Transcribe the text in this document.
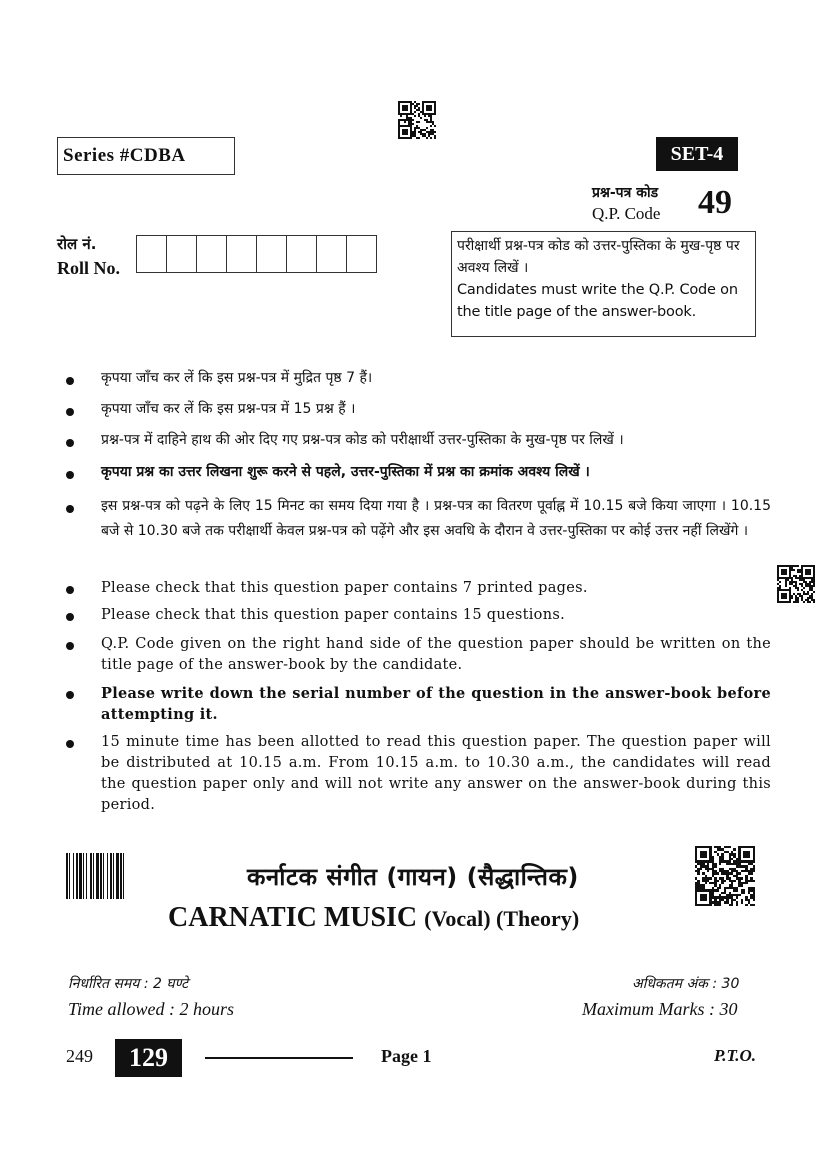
Series #CDBA	SET-4
प्रश्न-पत्र कोड
Q.P. Code 49
रोल नं.
Roll No.
परीक्षार्थी प्रश्न-पत्र कोड को उत्तर-पुस्तिका के मुख-पृष्ठ पर अवश्य लिखें ।
Candidates must write the Q.P. Code on the title page of the answer-book.
कृपया जाँच कर लें कि इस प्रश्न-पत्र में मुद्रित पृष्ठ 7 हैं।
कृपया जाँच कर लें कि इस प्रश्न-पत्र में 15 प्रश्न हैं ।
प्रश्न-पत्र में दाहिने हाथ की ओर दिए गए प्रश्न-पत्र कोड को परीक्षार्थी उत्तर-पुस्तिका के मुख-पृष्ठ पर लिखें ।
कृपया प्रश्न का उत्तर लिखना शुरू करने से पहले, उत्तर-पुस्तिका में प्रश्न का क्रमांक अवश्य लिखें ।
इस प्रश्न-पत्र को पढ़ने के लिए 15 मिनट का समय दिया गया है । प्रश्न-पत्र का वितरण पूर्वाह्न में 10.15 बजे किया जाएगा । 10.15 बजे से 10.30 बजे तक परीक्षार्थी केवल प्रश्न-पत्र को पढ़ेंगे और इस अवधि के दौरान वे उत्तर-पुस्तिका पर कोई उत्तर नहीं लिखेंगे ।
Please check that this question paper contains 7 printed pages.
Please check that this question paper contains 15 questions.
Q.P. Code given on the right hand side of the question paper should be written on the title page of the answer-book by the candidate.
Please write down the serial number of the question in the answer-book before attempting it.
15 minute time has been allotted to read this question paper. The question paper will be distributed at 10.15 a.m. From 10.15 a.m. to 10.30 a.m., the candidates will read the question paper only and will not write any answer on the answer-book during this period.
कर्नाटक संगीत (गायन) (सैद्धान्तिक)
CARNATIC MUSIC (Vocal) (Theory)
निर्धारित समय : 2 घण्टे
Time allowed : 2 hours
अधिकतम अंक : 30
Maximum Marks : 30
249	129	Page 1	P.T.O.
